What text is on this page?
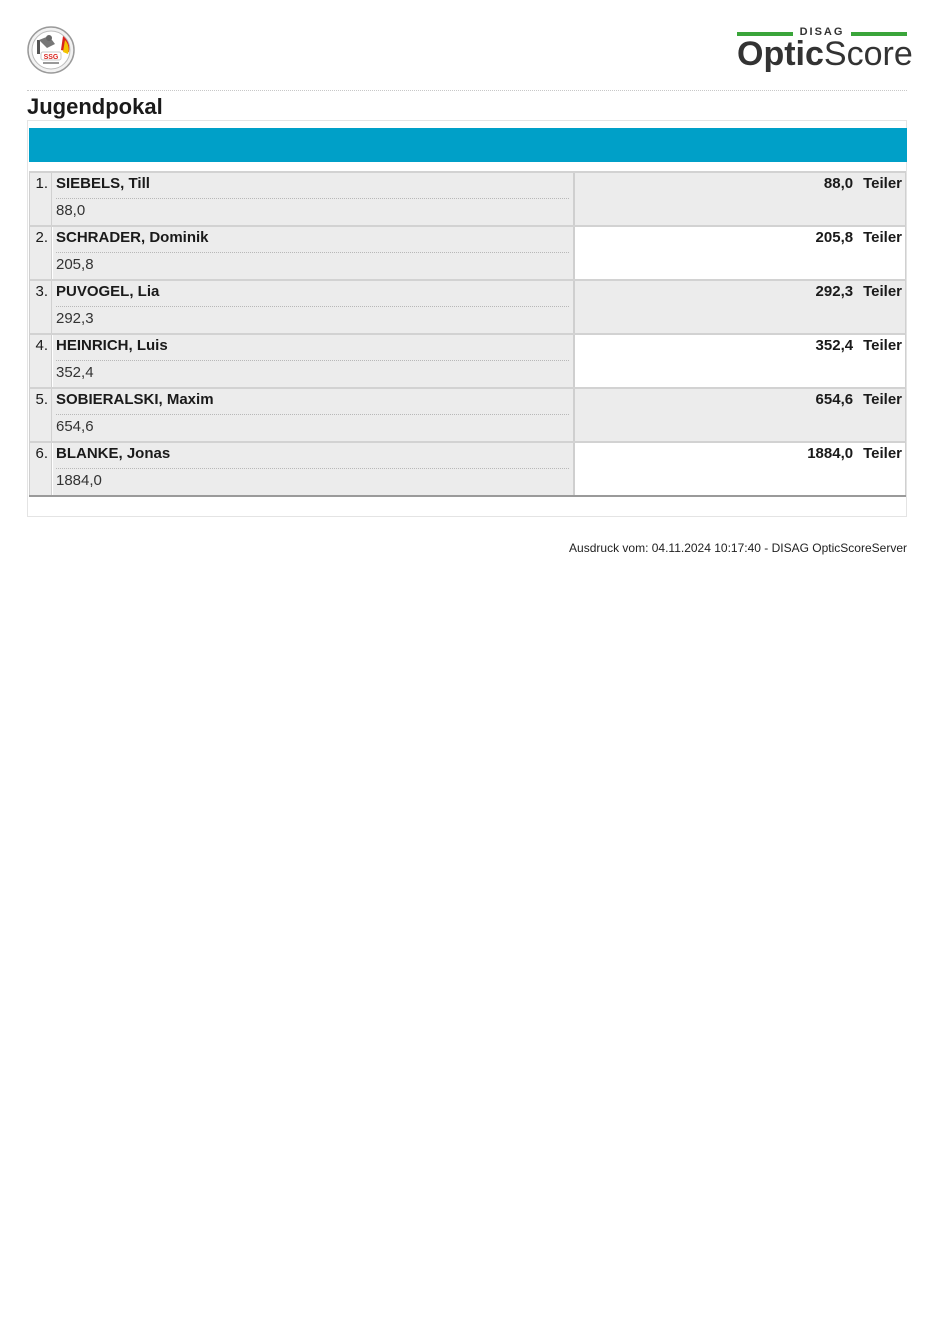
SSG
DISAG
OpticScore
Jugendpokal
1. SIEBELS, Till
88,0
88,0 Teiler
2. SCHRADER, Dominik
205,8
205,8 Teiler
3. PUVOGEL, Lia
292,3
292,3 Teiler
4. HEINRICH, Luis
352,4
352,4 Teiler
5. SOBIERALSKI, Maxim
654,6
654,6 Teiler
6. BLANKE, Jonas
1884,0
1884,0 Teiler
Ausdruck vom: 04.11.2024 10:17:40 - DISAG OpticScoreServer
